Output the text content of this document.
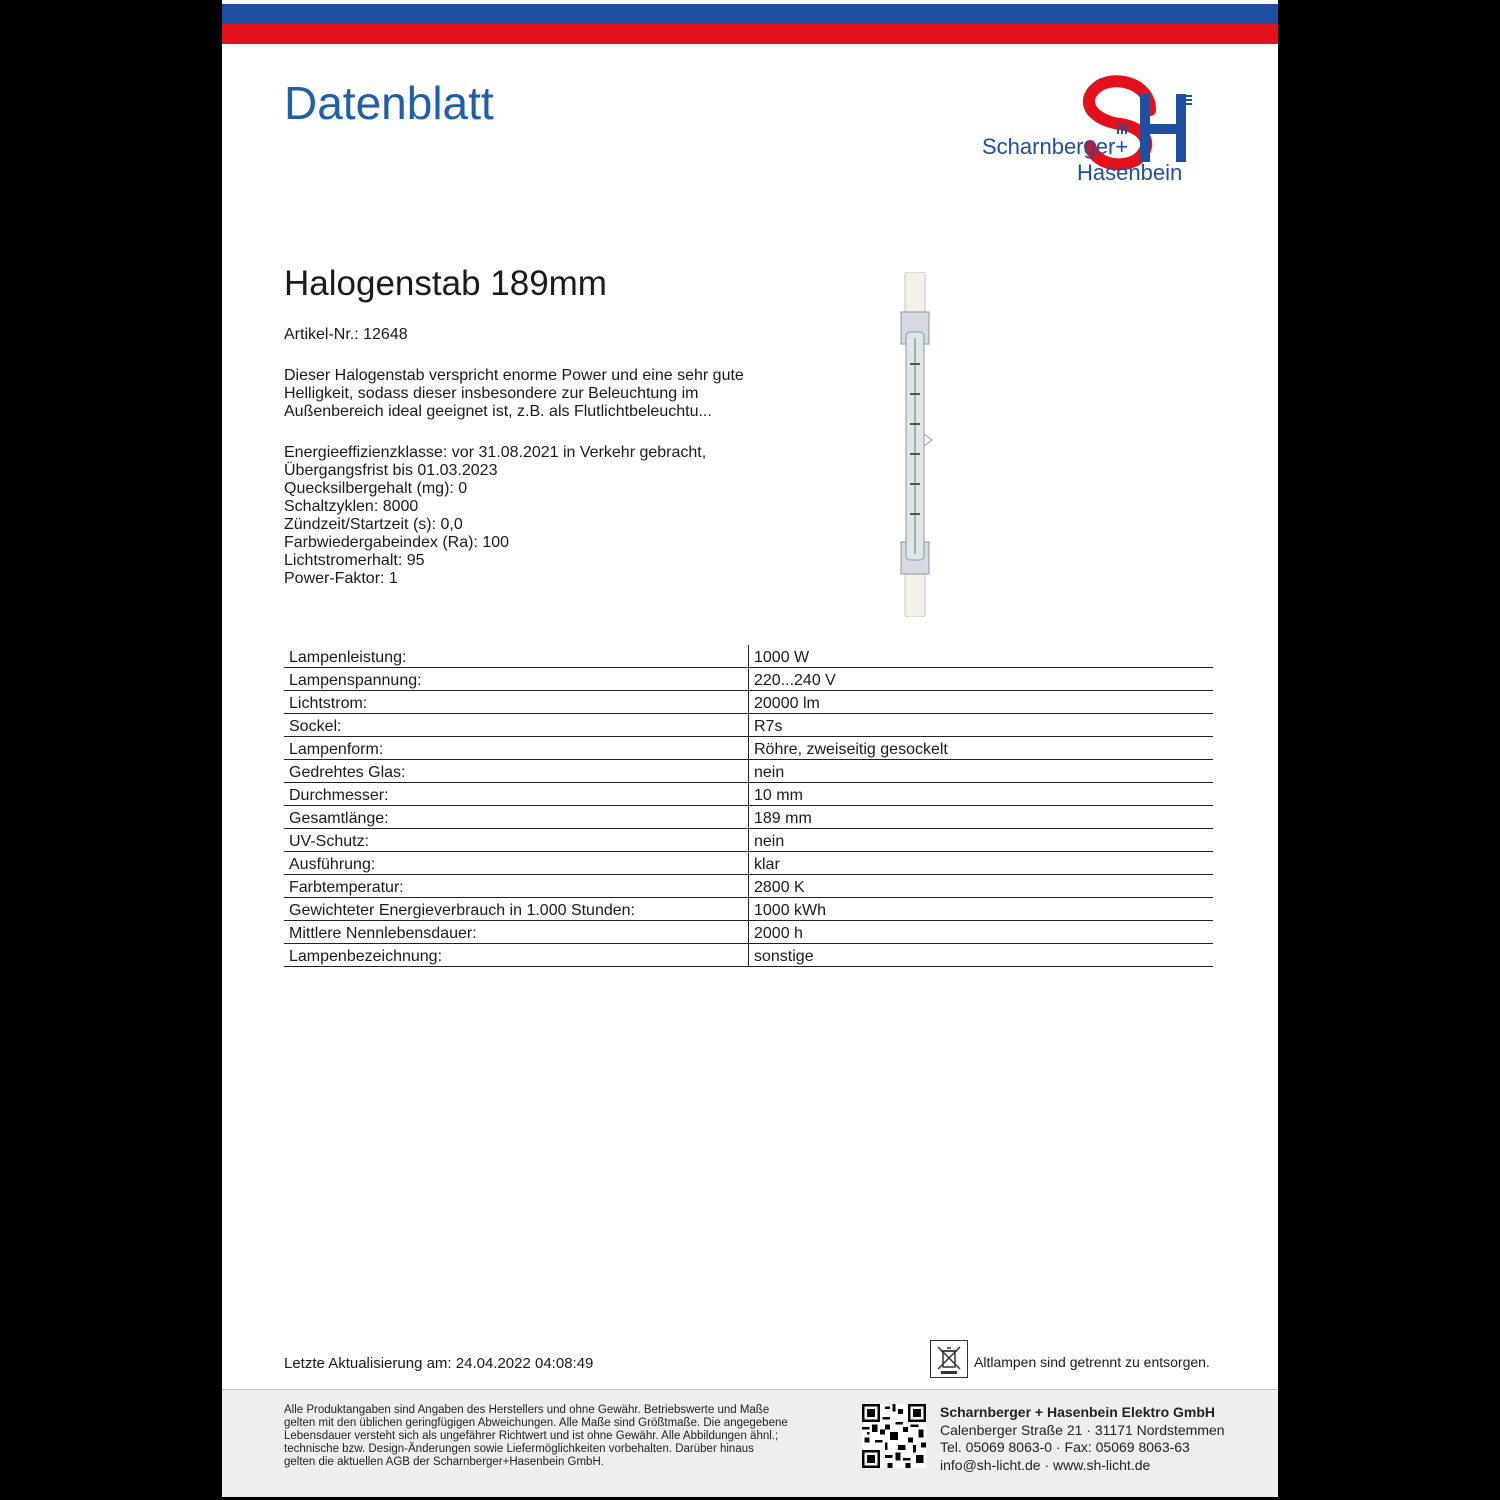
Datenblatt
Scharnberger+
Hasenbein
Halogenstab 189mm
Artikel-Nr.: 12648
Dieser Halogenstab verspricht enorme Power und eine sehr gute
Helligkeit, sodass dieser insbesondere zur Beleuchtung im
Außenbereich ideal geeignet ist, z.B. als Flutlichtbeleuchtu...
Energieeffizienzklasse: vor 31.08.2021 in Verkehr gebracht,
Übergangsfrist bis 01.03.2023
Quecksilbergehalt (mg): 0
Schaltzyklen: 8000
Zündzeit/Startzeit (s): 0,0
Farbwiedergabeindex (Ra): 100
Lichtstromerhalt: 95
Power-Faktor: 1
Lampenleistung:	1000 W
Lampenspannung:	220...240 V
Lichtstrom:	20000 lm
Sockel:	R7s
Lampenform:	Röhre, zweiseitig gesockelt
Gedrehtes Glas:	nein
Durchmesser:	10 mm
Gesamtlänge:	189 mm
UV-Schutz:	nein
Ausführung:	klar
Farbtemperatur:	2800 K
Gewichteter Energieverbrauch in 1.000 Stunden:	1000 kWh
Mittlere Nennlebensdauer:	2000 h
Lampenbezeichnung:	sonstige
Letzte Aktualisierung am: 24.04.2022 04:08:49	Altlampen sind getrennt zu entsorgen.
Alle Produktangaben sind Angaben des Herstellers und ohne Gewähr. Betriebswerte und Maße
gelten mit den üblichen geringfügigen Abweichungen. Alle Maße sind Größtmaße. Die angegebene
Lebensdauer versteht sich als ungefährer Richtwert und ist ohne Gewähr. Alle Abbildungen ähnl.;
technische bzw. Design-Änderungen sowie Liefermöglichkeiten vorbehalten. Darüber hinaus
gelten die aktuellen AGB der Scharnberger+Hasenbein GmbH.
Scharnberger + Hasenbein Elektro GmbH
Calenberger Straße 21 · 31171 Nordstemmen
Tel. 05069 8063-0 · Fax: 05069 8063-63
info@sh-licht.de · www.sh-licht.de
